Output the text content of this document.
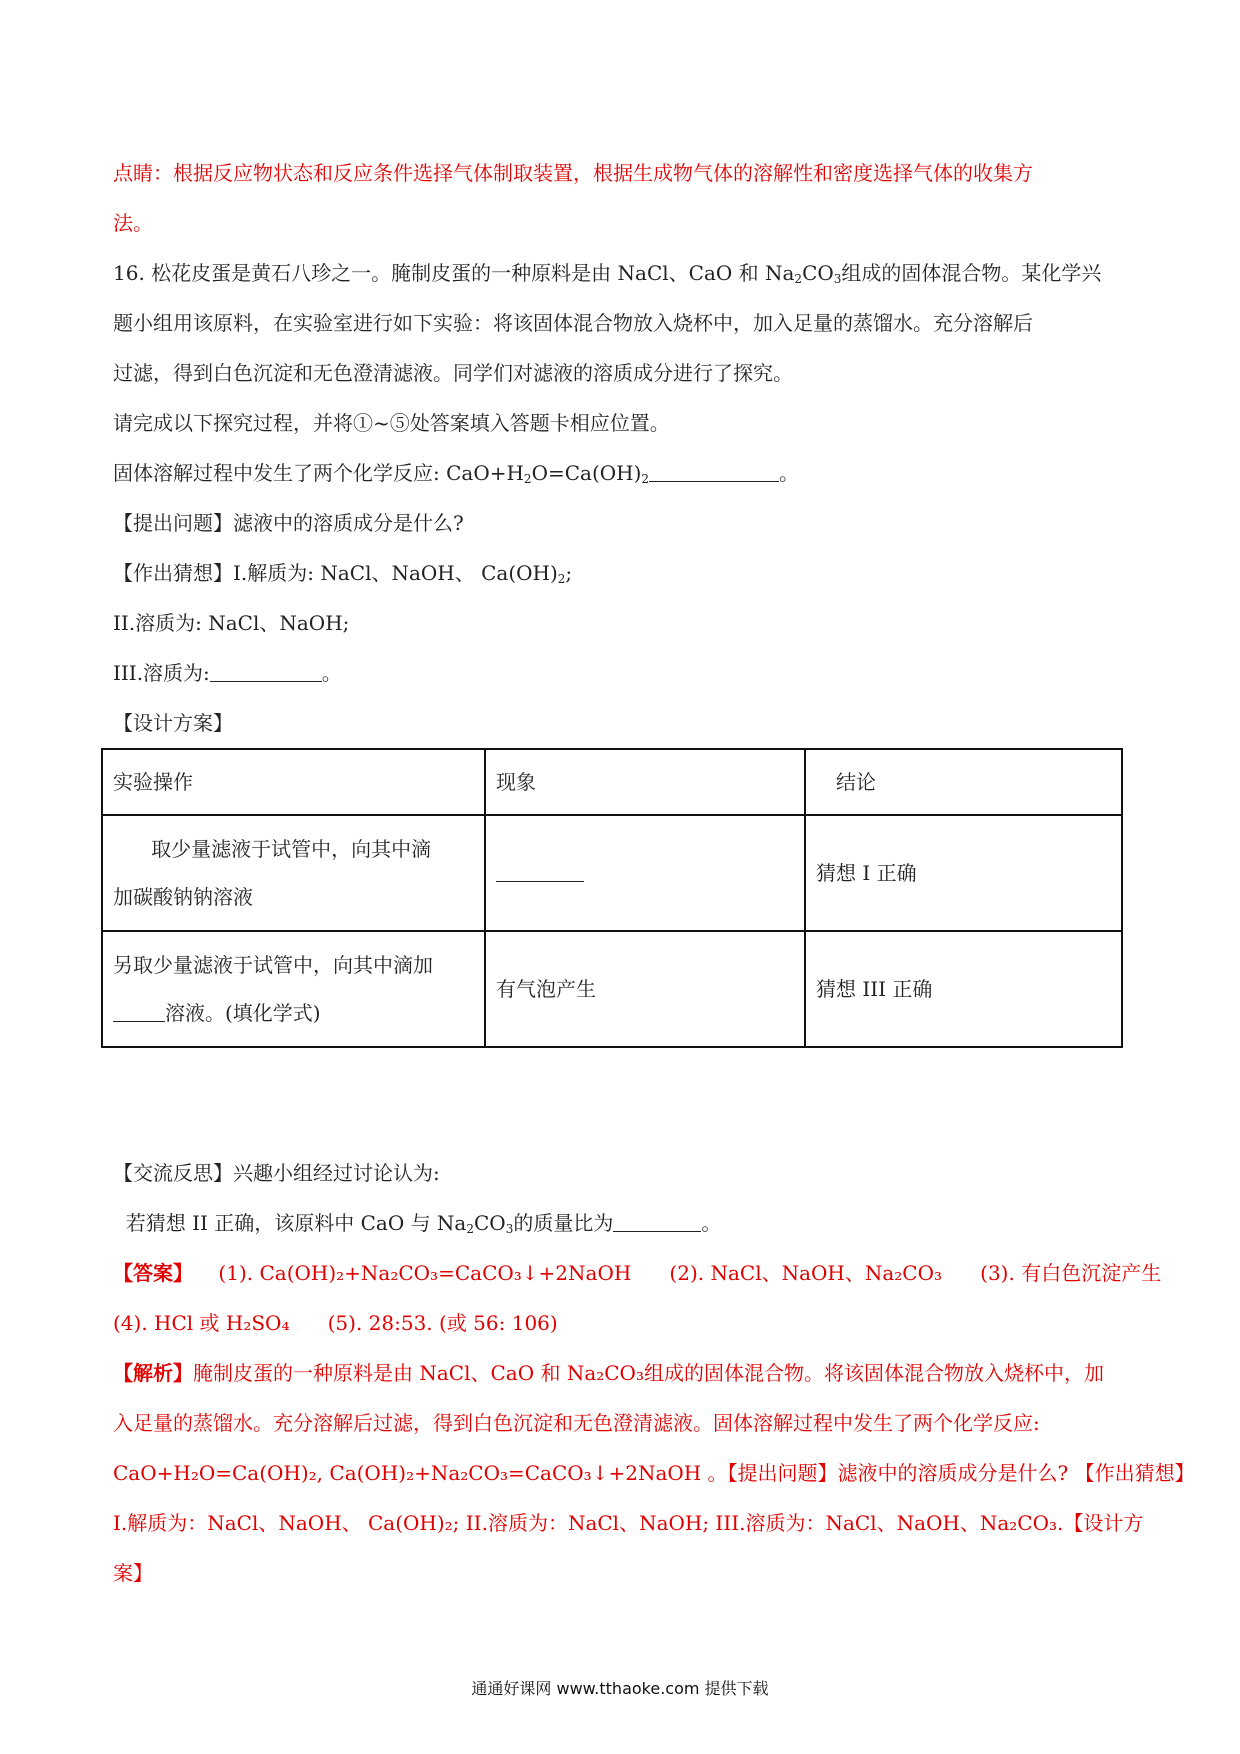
点睛：根据反应物状态和反应条件选择气体制取装置，根据生成物气体的溶解性和密度选择气体的收集方
法。
16. 松花皮蛋是黄石八珍之一。腌制皮蛋的一种原料是由 NaCl、CaO 和 $Na_2CO_3$组成的固体混合物。某化学兴
题小组用该原料，在实验室进行如下实验：将该固体混合物放入烧杯中，加入足量的蒸馏水。充分溶解后
过滤，得到白色沉淀和无色澄清滤液。同学们对滤液的溶质成分进行了探究。
请完成以下探究过程，并将①~⑤处答案填入答题卡相应位置。
固体溶解过程中发生了两个化学反应: $CaO+H_2O=Ca(OH)_2$	。
【提出问题】滤液中的溶质成分是什么?
【作出猜想】I.解质为: NaCl、NaOH、 $Ca(OH)_2$;
II.溶质为: NaCl、NaOH;
III.溶质为:	。
【设计方案】
实验操作	现象	结论

取少量滤液于试管中，向其中滴
加碳酸钠钠溶液		猜想 I 正确

另取少量滤液于试管中，向其中滴加
溶液。(填化学式)	有气泡产生	猜想 III 正确
【交流反思】兴趣小组经过讨论认为:
若猜想 II 正确，该原料中 CaO 与 $Na_2CO_3$的质量比为	。
【答案】    (1). Ca(OH)₂+Na₂CO₃=CaCO₃↓+2NaOH      (2). NaCl、NaOH、Na₂CO₃      (3). 有白色沉淀产生
(4). HCl 或 H₂SO₄      (5). 28:53. (或 56: 106)
【解析】腌制皮蛋的一种原料是由 NaCl、CaO 和 Na₂CO₃组成的固体混合物。将该固体混合物放入烧杯中，加
入足量的蒸馏水。充分溶解后过滤，得到白色沉淀和无色澄清滤液。固体溶解过程中发生了两个化学反应:
CaO+H₂O=Ca(OH)₂, Ca(OH)₂+Na₂CO₃=CaCO₃↓+2NaOH 。【提出问题】滤液中的溶质成分是什么? 【作出猜想】
I.解质为：NaCl、NaOH、 Ca(OH)₂; II.溶质为：NaCl、NaOH; III.溶质为：NaCl、NaOH、Na₂CO₃.【设计方
案】
通通好课网 www.tthaoke.com 提供下载
